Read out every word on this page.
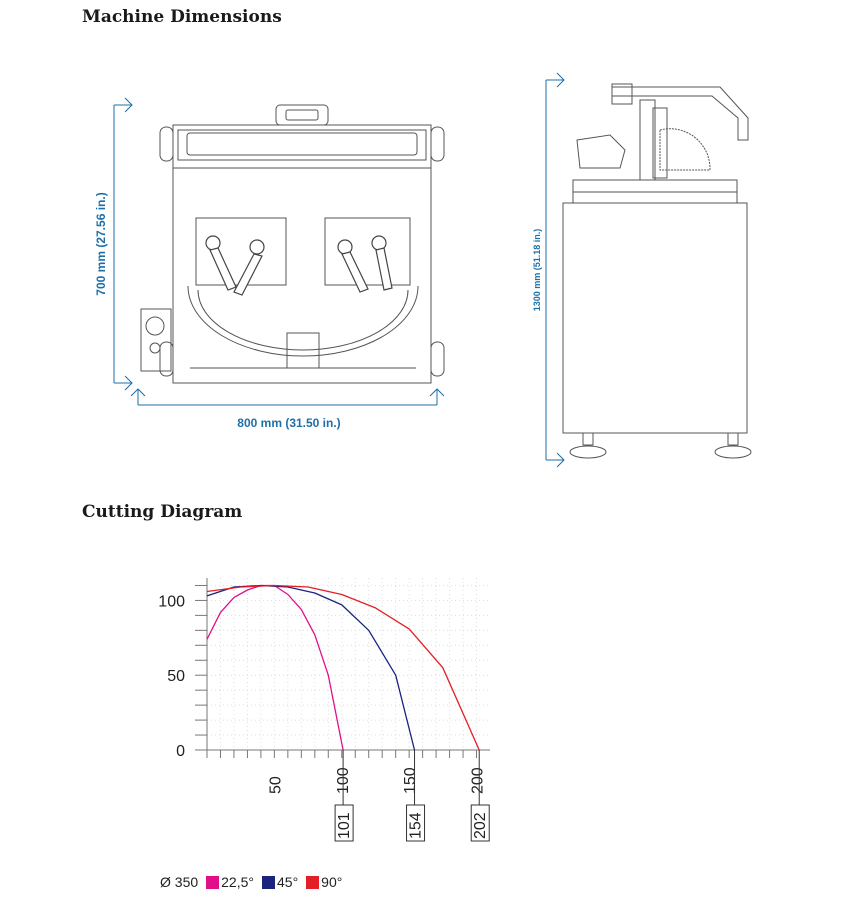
Machine Dimensions
700 mm (27.56 in.)
800 mm (31.50 in.)
1300 mm (51.18 in.)
Cutting Diagram
0
50
100
50	100	150	200
101	154	202
Ø 350 22,5° 45° 90°
